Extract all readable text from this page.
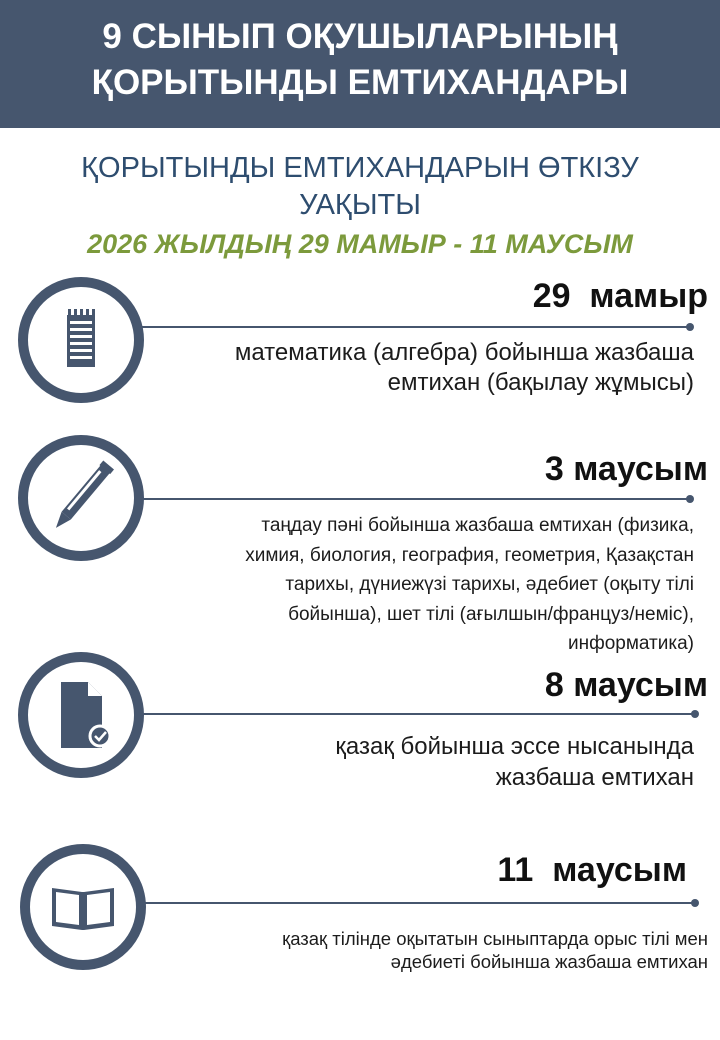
9 СЫНЫП ОҚУШЫЛАРЫНЫҢ
ҚОРЫТЫНДЫ ЕМТИХАНДАРЫ
ҚОРЫТЫНДЫ ЕМТИХАНДАРЫН ӨТКІЗУ
УАҚЫТЫ
2026 ЖЫЛДЫҢ 29 МАМЫР - 11 МАУСЫМ
29  мамыр
математика (алгебра) бойынша жазбаша
емтихан (бақылау жұмысы)
3 маусым
таңдау пәні бойынша жазбаша емтихан (физика,
химия, биология, география, геометрия, Қазақстан
тарихы, дүниежүзі тарихы, әдебиет (оқыту тілі
бойынша), шет тілі (ағылшын/француз/неміс),
информатика)
8 маусым
қазақ бойынша эссе нысанында
жазбаша емтихан
11  маусым
қазақ тілінде оқытатын сыныптарда орыс тілі мен
әдебиеті бойынша жазбаша емтихан
